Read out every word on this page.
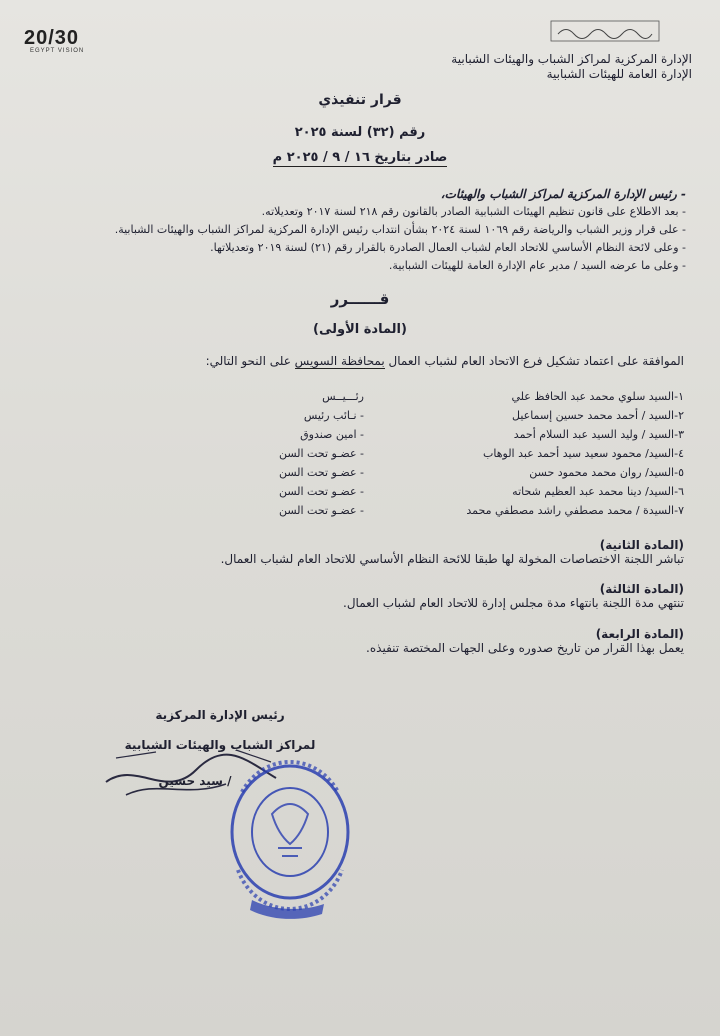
20/30
EGYPT VISION
الإدارة المركزية لمراكز الشباب والهيئات الشبابية
الإدارة العامة للهيئات الشبابية
قرار تنفيذي
رقم (٣٢) لسنة ٢٠٢٥
صادر بتاريخ ١٦ / ٩ / ٢٠٢٥ م
- رئيس الإدارة المركزية لمراكز الشباب والهيئات،
- بعد الاطلاع على قانون تنظيم الهيئات الشبابية الصادر بالقانون رقم ٢١٨ لسنة ٢٠١٧ وتعديلاته.
- على قرار وزير الشباب والرياضة رقم ١٠٦٩ لسنة ٢٠٢٤ بشأن انتداب رئيس الإدارة المركزية لمراكز الشباب والهيئات الشبابية.
- وعلى لائحة النظام الأساسي للاتحاد العام لشباب العمال الصادرة بالقرار رقم (٢١) لسنة ٢٠١٩ وتعديلاتها.
- وعلى ما عرضه السيد / مدير عام الإدارة العامة للهيئات الشبابية.
قــــــرر
(المادة الأولى)
الموافقة على اعتماد تشكيل فرع الاتحاد العام لشباب العمال بمحافظة السويس على النحو التالي:
١-السيد سلوي محمد عبد الحافظ علي
رئـــيــس
٢-السيد / أحمد محمد حسين إسماعيل
- نـائب رئيس
٣-السيد / وليد السيد عبد السلام أحمد
- امين صندوق
٤-السيد/ محمود سعيد سيد أحمد عبد الوهاب
- عضـو تحت السن
٥-السيد/ روان محمد محمود حسن
- عضـو تحت السن
٦-السيد/ دينا محمد عبد العظيم شحاته
- عضـو تحت السن
٧-السيدة / محمد مصطفي راشد مصطفي محمد
- عضـو تحت السن
(المادة الثانية)
تباشر اللجنة الاختصاصات المخولة لها طبقا للائحة النظام الأساسي للاتحاد العام لشباب العمال.
(المادة الثالثة)
تنتهي مدة اللجنة بانتهاء مدة مجلس إدارة للاتحاد العام لشباب العمال.
(المادة الرابعة)
يعمل بهذا القرار من تاريخ صدوره وعلى الجهات المختصة تنفيذه.
رئيس الإدارة المركزية
لمراكز الشباب والهيئات الشبابية
/ سيد حسين
